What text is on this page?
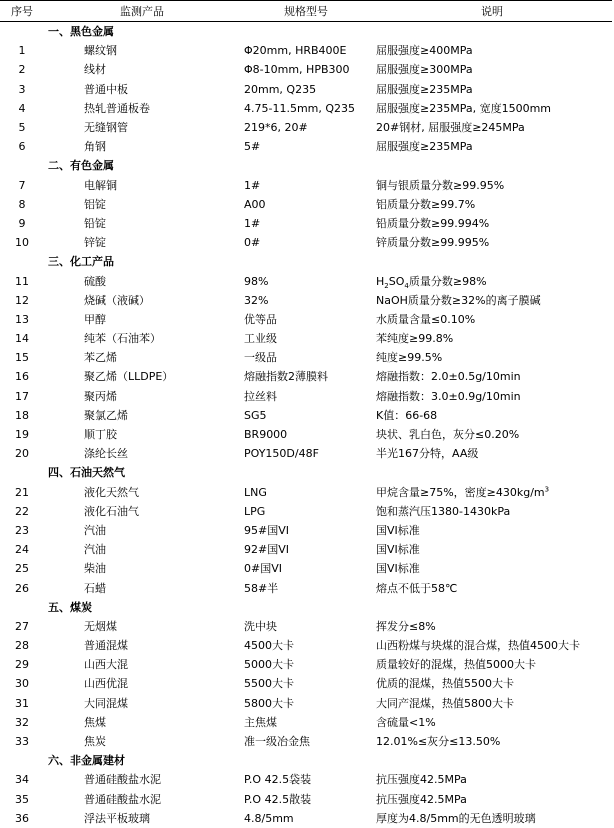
序号	监测产品	规格型号	说明
	一、黑色金属		
1	螺纹钢	Φ20mm, HRB400E	屈服强度≥400MPa
2	线材	Φ8-10mm, HPB300	屈服强度≥300MPa
3	普通中板	20mm, Q235	屈服强度≥235MPa
4	热轧普通板卷	4.75-11.5mm, Q235	屈服强度≥235MPa, 宽度1500mm
5	无缝钢管	219*6, 20#	20#钢材, 屈服强度≥245MPa
6	角钢	5#	屈服强度≥235MPa
	二、有色金属		
7	电解铜	1#	铜与银质量分数≥99.95%
8	铝锭	A00	铝质量分数≥99.7%
9	铅锭	1#	铅质量分数≥99.994%
10	锌锭	0#	锌质量分数≥99.995%
	三、化工产品		
11	硫酸	98%	$H_2SO_4$质量分数≥98%
12	烧碱（液碱）	32%	NaOH质量分数≥32%的离子膜碱
13	甲醇	优等品	水质量含量≤0.10%
14	纯苯（石油苯）	工业级	苯纯度≥99.8%
15	苯乙烯	一级品	纯度≥99.5%
16	聚乙烯（LLDPE）	熔融指数2薄膜料	熔融指数：2.0±0.5g/10min
17	聚丙烯	拉丝料	熔融指数：3.0±0.9g/10min
18	聚氯乙烯	SG5	K值：66-68
19	顺丁胶	BR9000	块状、乳白色，灰分≤0.20%
20	涤纶长丝	POY150D/48F	半光167分特，AA级
	四、石油天然气		
21	液化天然气	LNG	甲烷含量≥75%，密度$\ge 430kg/m^3$
22	液化石油气	LPG	饱和蒸汽压1380-1430kPa
23	汽油	95#国VI	国VI标准
24	汽油	92#国VI	国VI标准
25	柴油	0#国VI	国VI标准
26	石蜡	58#半	熔点不低于58℃
	五、煤炭		
27	无烟煤	洗中块	挥发分≤8%
28	普通混煤	4500大卡	山西粉煤与块煤的混合煤，热值4500大卡
29	山西大混	5000大卡	质量较好的混煤，热值5000大卡
30	山西优混	5500大卡	优质的混煤，热值5500大卡
31	大同混煤	5800大卡	大同产混煤，热值5800大卡
32	焦煤	主焦煤	含硫量<1%
33	焦炭	准一级冶金焦	12.01%≤灰分≤13.50%
	六、非金属建材		
34	普通硅酸盐水泥	P.O 42.5袋装	抗压强度42.5MPa
35	普通硅酸盐水泥	P.O 42.5散装	抗压强度42.5MPa
36	浮法平板玻璃	4.8/5mm	厚度为4.8/5mm的无色透明玻璃
